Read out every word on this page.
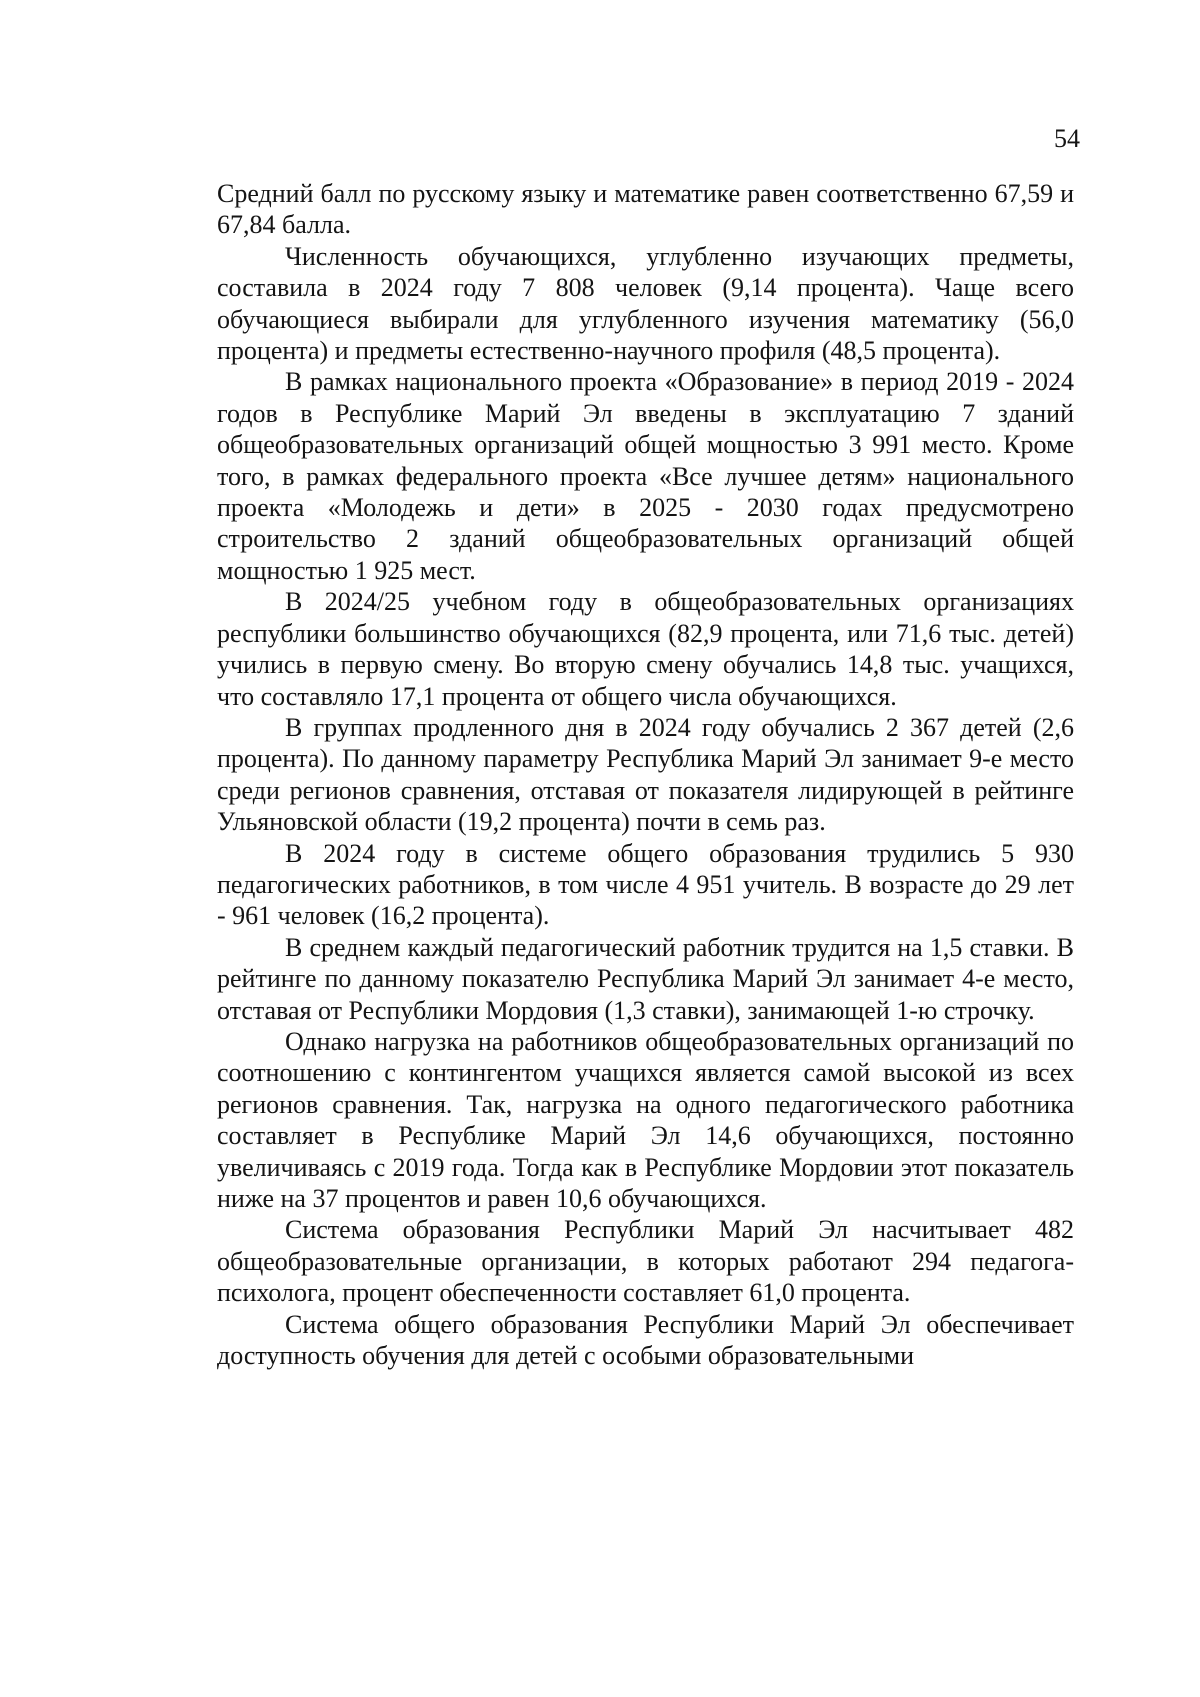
54

Средний балл по русскому языку и математике равен соответственно 67,59 и 67,84 балла.

Численность обучающихся, углубленно изучающих предметы, составила в 2024 году 7 808 человек (9,14 процента). Чаще всего обучающиеся выбирали для углубленного изучения математику (56,0 процента) и предметы естественно-научного профиля (48,5 процента).

В рамках национального проекта «Образование» в период 2019 - 2024 годов в Республике Марий Эл введены в эксплуатацию 7 зданий общеобразовательных организаций общей мощностью 3 991 место. Кроме того, в рамках федерального проекта «Все лучшее детям» национального проекта «Молодежь и дети» в 2025 - 2030 годах предусмотрено строительство 2 зданий общеобразовательных организаций общей мощностью 1 925 мест.

В 2024/25 учебном году в общеобразовательных организациях республики большинство обучающихся (82,9 процента, или 71,6 тыс. детей) учились в первую смену. Во вторую смену обучались 14,8 тыс. учащихся, что составляло 17,1 процента от общего числа обучающихся.

В группах продленного дня в 2024 году обучались 2 367 детей (2,6 процента). По данному параметру Республика Марий Эл занимает 9-е место среди регионов сравнения, отставая от показателя лидирующей в рейтинге Ульяновской области (19,2 процента) почти в семь раз.

В 2024 году в системе общего образования трудились 5 930 педагогических работников, в том числе 4 951 учитель. В возрасте до 29 лет - 961 человек (16,2 процента).

В среднем каждый педагогический работник трудится на 1,5 ставки. В рейтинге по данному показателю Республика Марий Эл занимает 4-е место, отставая от Республики Мордовия (1,3 ставки), занимающей 1-ю строчку.

Однако нагрузка на работников общеобразовательных организаций по соотношению с контингентом учащихся является самой высокой из всех регионов сравнения. Так, нагрузка на одного педагогического работника составляет в Республике Марий Эл 14,6 обучающихся, постоянно увеличиваясь с 2019 года. Тогда как в Республике Мордовии этот показатель ниже на 37 процентов и равен 10,6 обучающихся.

Система образования Республики Марий Эл насчитывает 482 общеобразовательные организации, в которых работают 294 педагога-психолога, процент обеспеченности составляет 61,0 процента.

Система общего образования Республики Марий Эл обеспечивает доступность обучения для детей с особыми образовательными
